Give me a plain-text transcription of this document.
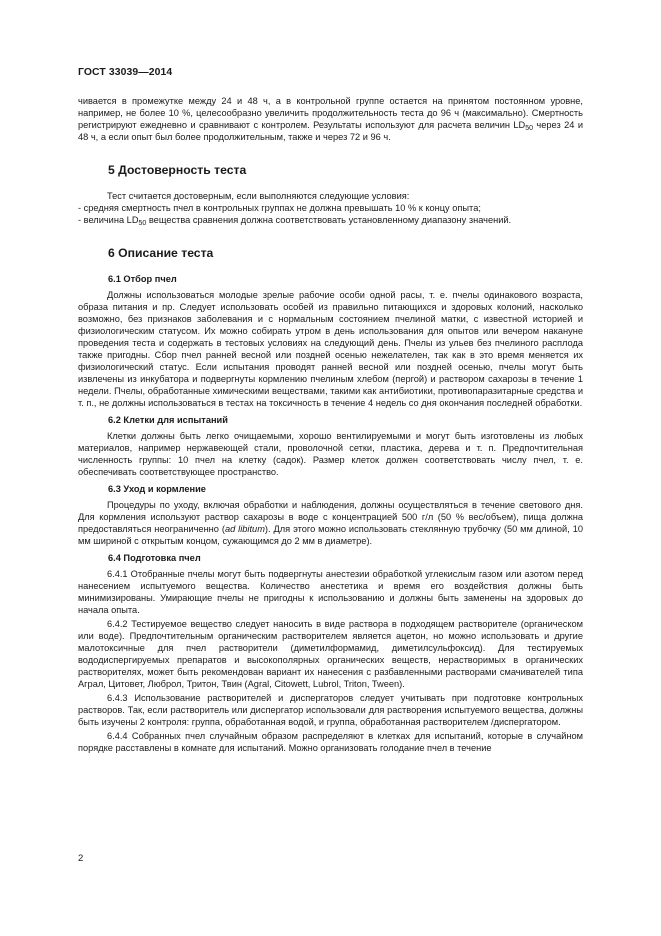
ГОСТ 33039—2014

чивается в промежутке между 24 и 48 ч, а в контрольной группе остается на принятом постоянном уровне, например, не более 10 %, целесообразно увеличить продолжительность теста до 96 ч (максимально). Смертность регистрируют ежедневно и сравнивают с контролем. Результаты используют для расчета величин $LD_{50}$ через 24 и 48 ч, а если опыт был более продолжительным, также и через 72 и 96 ч.

5 Достоверность теста

Тест считается достоверным, если выполняются следующие условия:

- средняя смертность пчел в контрольных группах не должна превышать 10 % к концу опыта;

- величина $LD_{50}$ вещества сравнения должна соответствовать установленному диапазону значений.

6 Описание теста
6.1 Отбор пчел

Должны использоваться молодые зрелые рабочие особи одной расы, т. е. пчелы одинакового возраста, образа питания и пр. Следует использовать особей из правильно питающихся и здоровых колоний, насколько возможно, без признаков заболевания и с нормальным состоянием пчелиной матки, с известной историей и физиологическим статусом. Их можно собирать утром в день использования для опытов или вечером накануне проведения теста и содержать в тестовых условиях на следующий день. Пчелы из ульев без пчелиного расплода также пригодны. Сбор пчел ранней весной или поздней осенью нежелателен, так как в это время меняется их физиологический статус. Если испытания проводят ранней весной или поздней осенью, пчелы могут быть извлечены из инкубатора и подвергнуты кормлению пчелиным хлебом (пергой) и раствором сахарозы в течение 1 недели. Пчелы, обработанные химическими веществами, такими как антибиотики, противопаразитарные средства и т. п., не должны использоваться в тестах на токсичность в течение 4 недель со дня окончания последней обработки.

6.2 Клетки для испытаний

Клетки должны быть легко очищаемыми, хорошо вентилируемыми и могут быть изготовлены из любых материалов, например нержавеющей стали, проволочной сетки, пластика, дерева и т. п. Предпочтительная численность группы: 10 пчел на клетку (садок). Размер клеток должен соответствовать числу пчел, т. е. обеспечивать соответствующее пространство.

6.3 Уход и кормление

Процедуры по уходу, включая обработки и наблюдения, должны осуществляться в течение светового дня. Для кормления используют раствор сахарозы в воде с концентрацией 500 г/л (50 % вес/объем), пища должна предоставляться неограниченно (ad libitum). Для этого можно использовать стеклянную трубочку (50 мм длиной, 10 мм шириной с открытым концом, сужающимся до 2 мм в диаметре).

6.4 Подготовка пчел

6.4.1 Отобранные пчелы могут быть подвергнуты анестезии обработкой углекислым газом или азотом перед нанесением испытуемого вещества. Количество анестетика и время его воздействия должны быть минимизированы. Умирающие пчелы не пригодны к использованию и должны быть заменены на здоровых до начала опыта.

6.4.2 Тестируемое вещество следует наносить в виде раствора в подходящем растворителе (органическом или воде). Предпочтительным органическим растворителем является ацетон, но можно использовать и другие малотоксичные для пчел растворители (диметилформамид, диметилсульфоксид). Для тестируемых вододиспергируемых препаратов и высокополярных органических веществ, нерастворимых в органических растворителях, может быть рекомендован вариант их нанесения с разбавленными растворами смачивателей типа Аграл, Цитовет, Люброл, Тритон, Твин (Agral, Citowett, Lubrol, Triton, Tween).

6.4.3 Использование растворителей и диспергаторов следует учитывать при подготовке контрольных растворов. Так, если растворитель или диспергатор использовали для растворения испытуемого вещества, должны быть изучены 2 контроля: группа, обработанная водой, и группа, обработанная растворителем /диспергатором.

6.4.4 Собранных пчел случайным образом распределяют в клетках для испытаний, которые в случайном порядке расставлены в комнате для испытаний. Можно организовать голодание пчел в течение

2
